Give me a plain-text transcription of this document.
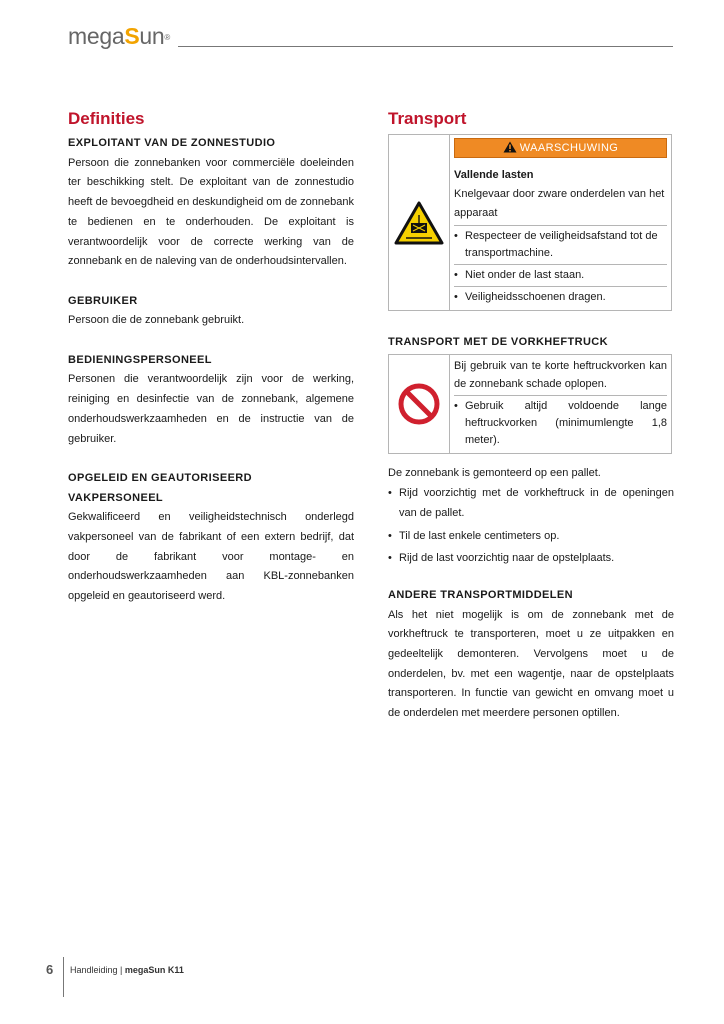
megaSun®
Definities
EXPLOITANT VAN DE ZONNESTUDIO

Persoon die zonnebanken voor commerciële doeleinden ter beschikking stelt. De exploitant van de zonnestudio heeft de bevoegdheid en deskundigheid om de zonnebank te bedienen en te onderhouden. De exploitant is verantwoordelijk voor de correcte werking van de zonnebank en de naleving van de onderhoudsintervallen.

GEBRUIKER

Persoon die de zonnebank gebruikt.

BEDIENINGSPERSONEEL

Personen die verantwoordelijk zijn voor de werking, reiniging en desinfectie van de zonnebank, algemene onderhoudswerkzaamheden en de instructie van de gebruiker.

OPGELEID EN GEAUTORISEERD
VAKPERSONEEL

Gekwalificeerd en veiligheidstechnisch onderlegd vakpersoneel van de fabrikant of een extern bedrijf, dat door de fabrikant voor montage- en onderhoudswerkzaamheden aan KBL-zonnebanken opgeleid en geautoriseerd werd.

Transport
WAARSCHUWING

Vallende lasten

Knelgevaar door zware onderdelen van het apparaat

• Respecteer de veiligheidsafstand tot de transportmachine.
• Niet onder de last staan.
• Veiligheidsschoenen dragen.
TRANSPORT MET DE VORKHEFTRUCK

Bij gebruik van te korte heftruckvorken kan de zonnebank schade oplopen.

• Gebruik altijd voldoende lange heftruckvorken (minimumlengte 1,8 meter).

De zonnebank is gemonteerd op een pallet.

• Rijd voorzichtig met de vorkheftruck in de openingen van de pallet.
• Til de last enkele centimeters op.
• Rijd de last voorzichtig naar de opstelplaats.
ANDERE TRANSPORTMIDDELEN

Als het niet mogelijk is om de zonnebank met de vorkheftruck te transporteren, moet u ze uitpakken en gedeeltelijk demonteren. Vervolgens moet u de onderdelen, bv. met een wagentje, naar de opstelplaats transporteren. In functie van gewicht en omvang moet u de onderdelen met meerdere personen optillen.

6 Handleiding | megaSun K11
